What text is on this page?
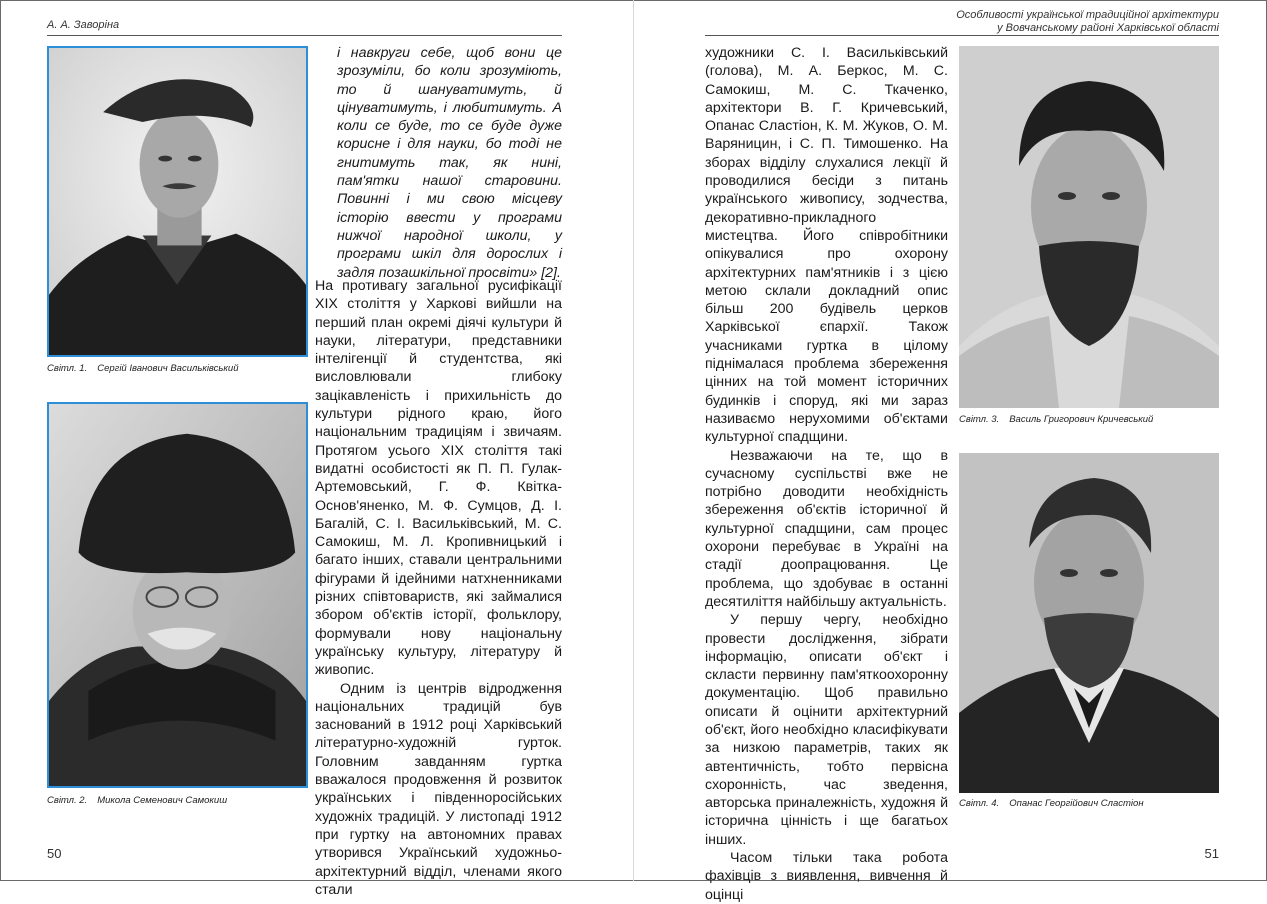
А. А. Заворіна
Світл. 1. Сергій Іванович Васильківський
Світл. 2. Микола Семенович Самокиш

і навкруги себе, щоб вони це зрозуміли, бо коли зрозуміють, то й шануватимуть, й цінуватимуть, і любитимуть. А коли се буде, то се буде дуже корисне і для науки, бо тоді не гнитимуть так, як нині, пам'ятки нашої старовини. Повинні і ми свою місцеву історію ввести у програми нижчої народної школи, у програми шкіл для дорослих і задля позашкільної просвіти» [2].

На противагу загальної русифікації XIX століття у Харкові вийшли на перший план окремі діячі культури й науки, літератури, представники інтелігенції й студентства, які висловлювали глибоку зацікавленість і прихильність до культури рідного краю, його національним традиціям і звичаям. Протягом усього XIX століття такі видатні особистості як П. П. Гулак-Артемовський, Г. Ф. Квітка-Основ'яненко, М. Ф. Сумцов, Д. І. Багалій, С. І. Васильківський, М. С. Самокиш, М. Л. Кропивницький і багато інших, ставали центральними фігурами й ідейними натхненниками різних співтовариств, які займалися збором об'єктів історії, фольклору, формували нову національну українську культуру, літературу й живопис.

Одним із центрів відродження національних традицій був заснований в 1912 році Харківський літературно-художній гурток. Головним завданням гуртка вважалося продовження й розвиток українських і південноросійських художніх традицій. У листопаді 1912 при гуртку на автономних правах утворився Український художньо-архітектурний відділ, членами якого стали

50
Особливості української традиційної архітектури
у Вовчанському районі Харківської області

художники С. І. Васильківський (голова), М. А. Беркос, М. С. Самокиш, М. С. Ткаченко, архітектори В. Г. Кричевський, Опанас Сластіон, К. М. Жуков, О. М. Варяницин, і С. П. Тимошенко. На зборах відділу слухалися лекції й проводилися бесіди з питань українського живопису, зодчества, декоративно-прикладного мистецтва. Його співробітники опікувалися про охорону архітектурних пам'ятників і з цією метою склали докладний опис більш 200 будівель церков Харківської єпархії. Також учасниками гуртка в цілому піднімалася проблема збереження цінних на той момент історичних будинків і споруд, які ми зараз називаємо нерухомими об'єктами культурної спадщини.

Незважаючи на те, що в сучасному суспільстві вже не потрібно доводити необхідність збереження об'єктів історичної й культурної спадщини, сам процес охорони перебуває в Україні на стадії доопрацювання. Це проблема, що здобуває в останні десятиліття найбільшу актуальність.

У першу чергу, необхідно провести дослідження, зібрати інформацію, описати об'єкт і скласти первинну пам'яткоохоронну документацію. Щоб правильно описати й оцінити архітектурний об'єкт, його необхідно класифікувати за низкою параметрів, таких як автентичність, тобто первісна схоронність, час зведення, авторська приналежність, художня й історична цінність і ще багатьох інших.

Часом тільки така робота фахівців з виявлення, вивчення й оцінці

Світл. 3. Василь Григорович Кричевський
Світл. 4. Опанас Георгійович Сластіон
51
